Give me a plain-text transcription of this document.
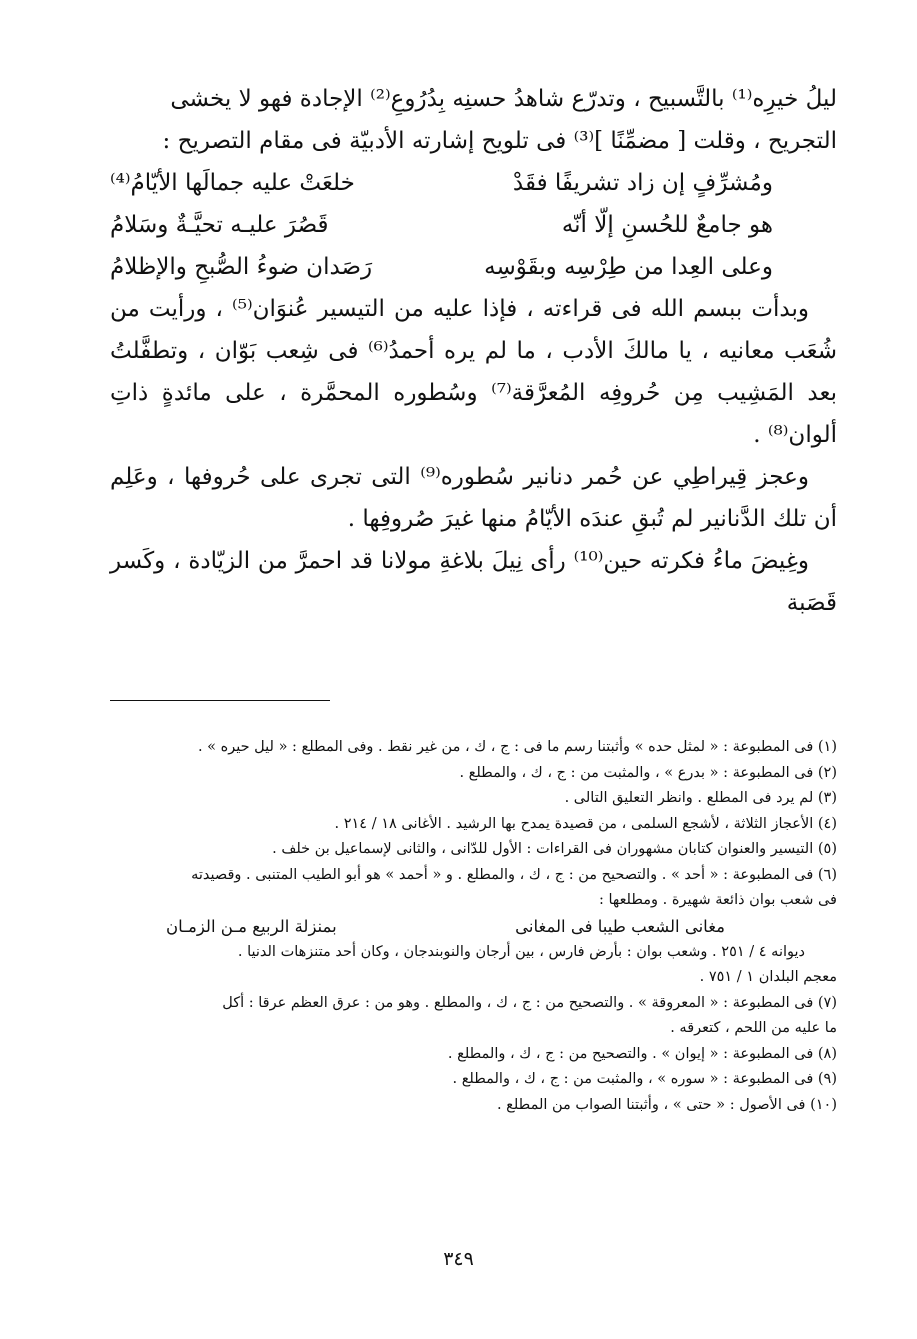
ليلُ خيرِه⁽¹⁾ بالتَّسبيح ، وتدرّع شاهدُ حسنِه بِدُرُوعِ⁽²⁾ الإجادة فهو لا يخشى

التجريح ، وقلت [ مضمِّنًا ]⁽³⁾ فى تلويح إشارته الأدبيّة فى مقام التصريح :

ومُشرِّفٍ إن زاد تشريفًا فقَدْ
خلعَتْ عليه جمالَها الأيّامُ⁽⁴⁾
هو جامعٌ للحُسنِ إلّا أنّه
قَصُرَ عليـه تحيَّـةٌ وسَلامُ
وعلى العِدا من طِرْسِه وبقَوْسِه
رَصَدان ضوءُ الصُّبحِ والإظلامُ

وبدأت ببسم الله فى قراءته ، فإذا عليه من التيسير عُنوَان⁽⁵⁾ ، ورأيت من شُعَب معانيه ، يا مالكَ الأدب ، ما لم يره أحمدُ⁽⁶⁾ فى شِعب بَوّان ، وتطفَّلتُ بعد المَشِيب مِن حُروفِه المُعرَّقة⁽⁷⁾ وسُطوره المحمَّرة ، على مائدةٍ ذاتِ ألوان⁽⁸⁾ .

وعجز قِيراطِي عن حُمر دنانير سُطوره⁽⁹⁾ التى تجرى على حُروفها ، وعَلِم أن تلك الدَّنانير لم تُبقِ عندَه الأيّامُ منها غيرَ صُروفِها .

وغِيضَ ماءُ فكرته حين⁽¹⁰⁾ رأى نِيلَ بلاغةِ مولانا قد احمرَّ من الزيّادة ، وكَسر قَصَبة

(١) فى المطبوعة : « لمثل حده » وأثبتنا رسم ما فى : ج ، ك ، من غير نقط . وفى المطلع : « ليل حيره » .

(٢) فى المطبوعة : « بدرع » ، والمثبت من : ج ، ك ، والمطلع .

(٣) لم يرد فى المطلع . وانظر التعليق التالى .

(٤) الأعجاز الثلاثة ، لأشجع السلمى ، من قصيدة يمدح بها الرشيد . الأغانى ١٨ / ٢١٤ .

(٥) التيسير والعنوان كتابان مشهوران فى القراءات : الأول للدّانى ، والثانى لإسماعيل بن خلف .

(٦) فى المطبوعة : « أحد » . والتصحيح من : ج ، ك ، والمطلع . و « أحمد » هو أبو الطيب المتنبى . وقصيدته

فى شعب بوان ذائعة شهيرة . ومطلعها :

مغانى الشعب طيبا فى المغانى
بمنزلة الربيع مـن الزمـان

ديوانه ٤ / ٢٥١ . وشعب بوان : بأرض فارس ، بين أرجان والنوبندجان ، وكان أحد متنزهات الدنيا .

معجم البلدان ١ / ٧٥١ .

(٧) فى المطبوعة : « المعروقة » . والتصحيح من : ج ، ك ، والمطلع . وهو من : عرق العظم عرقا : أكل

ما عليه من اللحم ، كتعرقه .

(٨) فى المطبوعة : « إيوان » . والتصحيح من : ج ، ك ، والمطلع .

(٩) فى المطبوعة : « سوره » ، والمثبت من : ج ، ك ، والمطلع .

(١٠) فى الأصول : « حتى » ، وأثبتنا الصواب من المطلع .

٣٤٩
